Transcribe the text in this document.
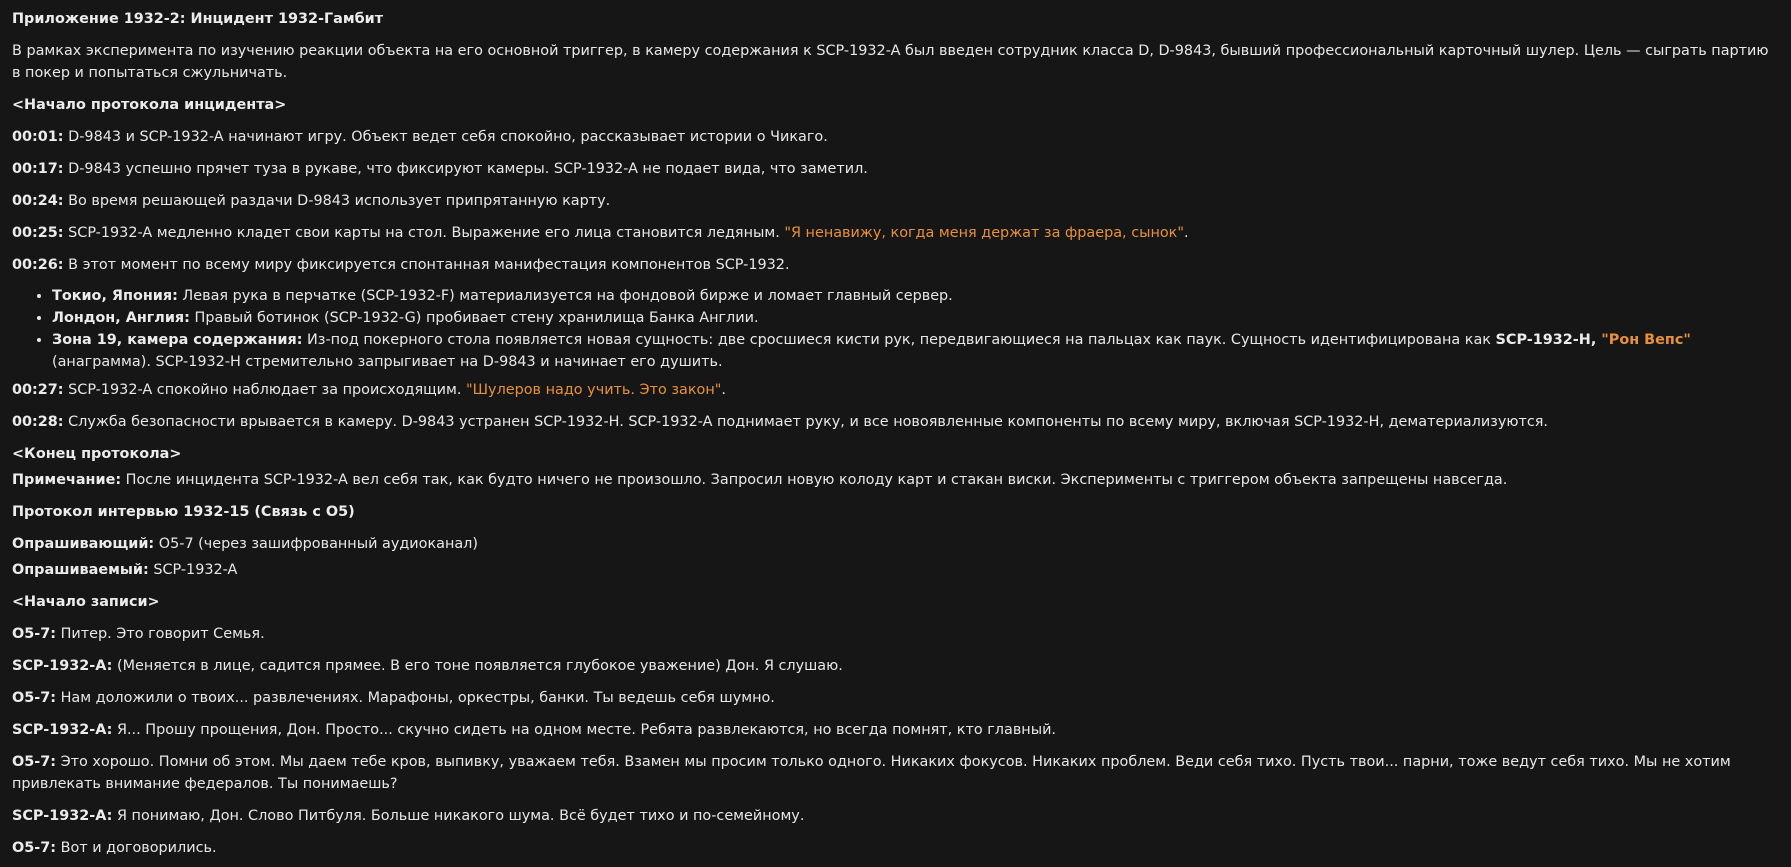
Приложение 1932-2: Инцидент 1932-Гамбит

В рамках эксперимента по изучению реакции объекта на его основной триггер, в камеру содержания к SCP-1932-A был введен сотрудник класса D, D-9843, бывший профессиональный карточный шулер. Цель — сыграть партию в покер и попытаться сжульничать.

<Начало протокола инцидента>

00:01: D-9843 и SCP-1932-A начинают игру. Объект ведет себя спокойно, рассказывает истории о Чикаго.

00:17: D-9843 успешно прячет туза в рукаве, что фиксируют камеры. SCP-1932-A не подает вида, что заметил.

00:24: Во время решающей раздачи D-9843 использует припрятанную карту.

00:25: SCP-1932-A медленно кладет свои карты на стол. Выражение его лица становится ледяным. "Я ненавижу, когда меня держат за фраера, сынок".

00:26: В этот момент по всему миру фиксируется спонтанная манифестация компонентов SCP-1932.

• Токио, Япония: Левая рука в перчатке (SCP-1932-F) материализуется на фондовой бирже и ломает главный сервер.
• Лондон, Англия: Правый ботинок (SCP-1932-G) пробивает стену хранилища Банка Англии.
• Зона 19, камера содержания: Из-под покерного стола появляется новая сущность: две сросшиеся кисти рук, передвигающиеся на пальцах как паук. Сущность идентифицирована как SCP-1932-H, "Рон Вепс" (анаграмма). SCP-1932-H стремительно запрыгивает на D-9843 и начинает его душить.

00:27: SCP-1932-A спокойно наблюдает за происходящим. "Шулеров надо учить. Это закон".

00:28: Служба безопасности врывается в камеру. D-9843 устранен SCP-1932-H. SCP-1932-A поднимает руку, и все новоявленные компоненты по всему миру, включая SCP-1932-H, дематериализуются.

<Конец протокола>

Примечание: После инцидента SCP-1932-A вел себя так, как будто ничего не произошло. Запросил новую колоду карт и стакан виски. Эксперименты с триггером объекта запрещены навсегда.

Протокол интервью 1932-15 (Связь с О5)

Опрашивающий: О5-7 (через зашифрованный аудиоканал)

Опрашиваемый: SCP-1932-A

<Начало записи>

О5-7: Питер. Это говорит Семья.

SCP-1932-A: (Меняется в лице, садится прямее. В его тоне появляется глубокое уважение) Дон. Я слушаю.

О5-7: Нам доложили о твоих... развлечениях. Марафоны, оркестры, банки. Ты ведешь себя шумно.

SCP-1932-A: Я... Прошу прощения, Дон. Просто... скучно сидеть на одном месте. Ребята развлекаются, но всегда помнят, кто главный.

О5-7: Это хорошо. Помни об этом. Мы даем тебе кров, выпивку, уважаем тебя. Взамен мы просим только одного. Никаких фокусов. Никаких проблем. Веди себя тихо. Пусть твои... парни, тоже ведут себя тихо. Мы не хотим привлекать внимание федералов. Ты понимаешь?

SCP-1932-A: Я понимаю, Дон. Слово Питбуля. Больше никакого шума. Всё будет тихо и по-семейному.

О5-7: Вот и договорились.
